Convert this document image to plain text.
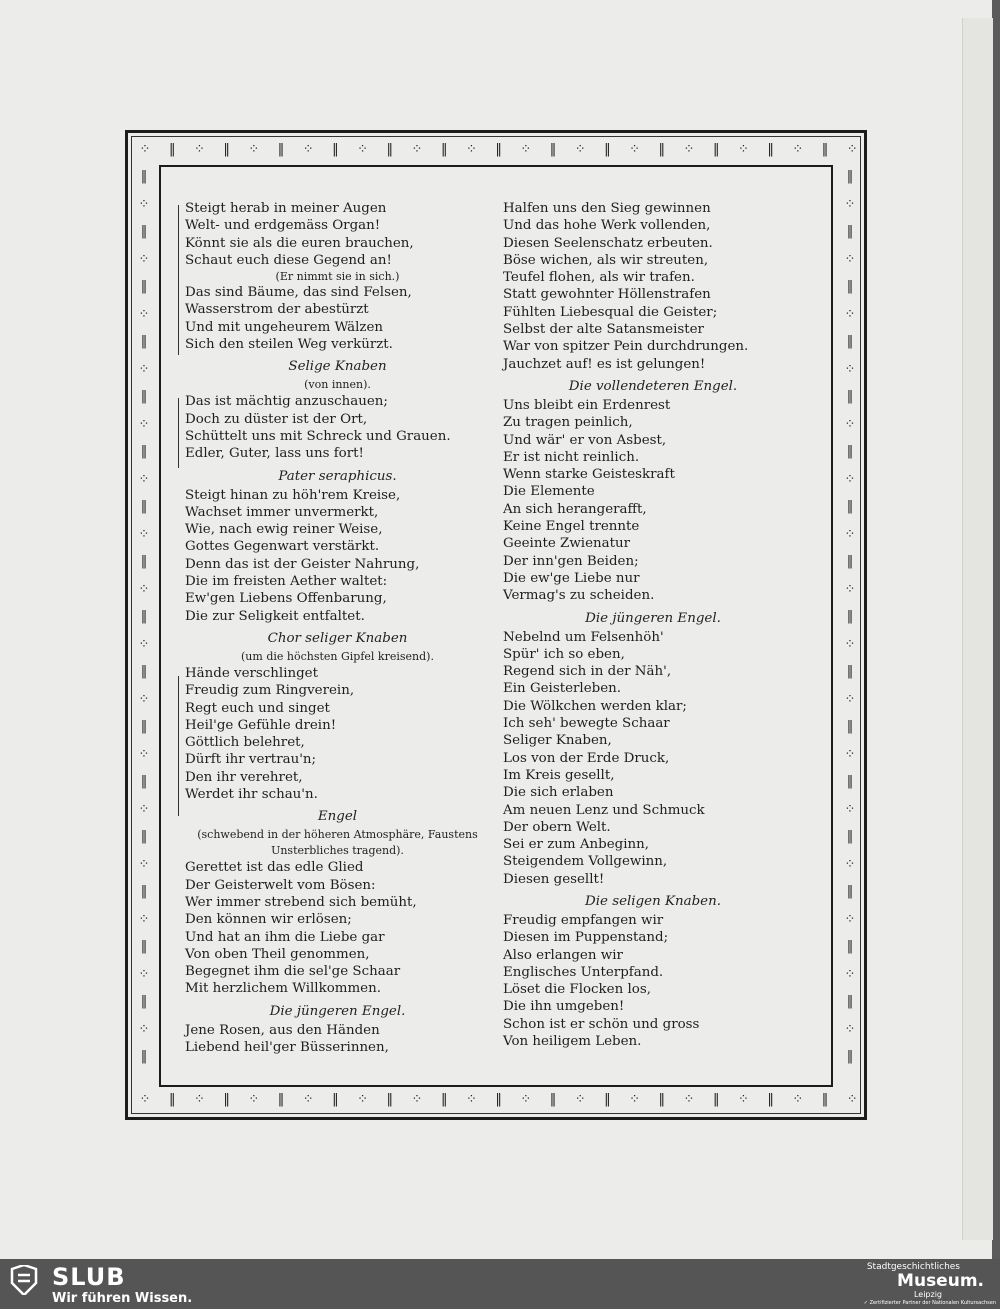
⁘
⁘
‖
‖
⁘
⁘
‖
‖
⁘
⁘
‖
‖
⁘
⁘
‖
‖
⁘
⁘
‖
‖
⁘
⁘
‖
‖
⁘
⁘
‖
‖
⁘
⁘
‖
‖
⁘
⁘
‖
‖
⁘
⁘
‖
‖
⁘
⁘
‖
‖
⁘
⁘
‖
‖
⁘
⁘
‖
‖
⁘
⁘
‖	‖
⁘	⁘
‖	‖
⁘	⁘
‖	‖
⁘	⁘
‖	‖
⁘	⁘
‖	‖
⁘	⁘
‖	‖
⁘	⁘
‖	‖
⁘	⁘
‖	‖
⁘	⁘
‖	‖
⁘	⁘
‖	‖
⁘	⁘
‖	‖
⁘	⁘
‖	‖
⁘	⁘
‖	‖
⁘	⁘
‖	‖
⁘	⁘
‖	‖
⁘	⁘
‖	‖
⁘	⁘
‖	‖
Steigt herab in meiner Augen
Welt- und erdgemäss Organ!
Könnt sie als die euren brauchen,
Schaut euch diese Gegend an!
(Er nimmt sie in sich.)
Das sind Bäume, das sind Felsen,
Wasserstrom der abestürzt
Und mit ungeheurem Wälzen
Sich den steilen Weg verkürzt.
Selige Knaben
(von innen).
Das ist mächtig anzuschauen;
Doch zu düster ist der Ort,
Schüttelt uns mit Schreck und Grauen.
Edler, Guter, lass uns fort!
Pater seraphicus.
Steigt hinan zu höh'rem Kreise,
Wachset immer unvermerkt,
Wie, nach ewig reiner Weise,
Gottes Gegenwart verstärkt.
Denn das ist der Geister Nahrung,
Die im freisten Aether waltet:
Ew'gen Liebens Offenbarung,
Die zur Seligkeit entfaltet.
Chor seliger Knaben
(um die höchsten Gipfel kreisend).
Hände verschlinget
Freudig zum Ringverein,
Regt euch und singet
Heil'ge Gefühle drein!
Göttlich belehret,
Dürft ihr vertrau'n;
Den ihr verehret,
Werdet ihr schau'n.
Engel
(schwebend in der höheren Atmosphäre, Faustens
Unsterbliches tragend).
Gerettet ist das edle Glied
Der Geisterwelt vom Bösen:
Wer immer strebend sich bemüht,
Den können wir erlösen;
Und hat an ihm die Liebe gar
Von oben Theil genommen,
Begegnet ihm die sel'ge Schaar
Mit herzlichem Willkommen.
Die jüngeren Engel.
Jene Rosen, aus den Händen
Liebend heil'ger Büsserinnen,
Halfen uns den Sieg gewinnen
Und das hohe Werk vollenden,
Diesen Seelenschatz erbeuten.
Böse wichen, als wir streuten,
Teufel flohen, als wir trafen.
Statt gewohnter Höllenstrafen
Fühlten Liebesqual die Geister;
Selbst der alte Satansmeister
War von spitzer Pein durchdrungen.
Jauchzet auf! es ist gelungen!
Die vollendeteren Engel.
Uns bleibt ein Erdenrest
Zu tragen peinlich,
Und wär' er von Asbest,
Er ist nicht reinlich.
Wenn starke Geisteskraft
Die Elemente
An sich herangerafft,
Keine Engel trennte
Geeinte Zwienatur
Der inn'gen Beiden;
Die ew'ge Liebe nur
Vermag's zu scheiden.
Die jüngeren Engel.
Nebelnd um Felsenhöh'
Spür' ich so eben,
Regend sich in der Näh',
Ein Geisterleben.
Die Wölkchen werden klar;
Ich seh' bewegte Schaar
Seliger Knaben,
Los von der Erde Druck,
Im Kreis gesellt,
Die sich erlaben
Am neuen Lenz und Schmuck
Der obern Welt.
Sei er zum Anbeginn,
Steigendem Vollgewinn,
Diesen gesellt!
Die seligen Knaben.
Freudig empfangen wir
Diesen im Puppenstand;
Also erlangen wir
Englisches Unterpfand.
Löset die Flocken los,
Die ihn umgeben!
Schon ist er schön und gross
Von heiligem Leben.
SLUB
Wir führen Wissen.
Stadtgeschichtliches
Museum.
Leipzig
✓ Zertifizierter Partner der Nationalen Kultursachsen
